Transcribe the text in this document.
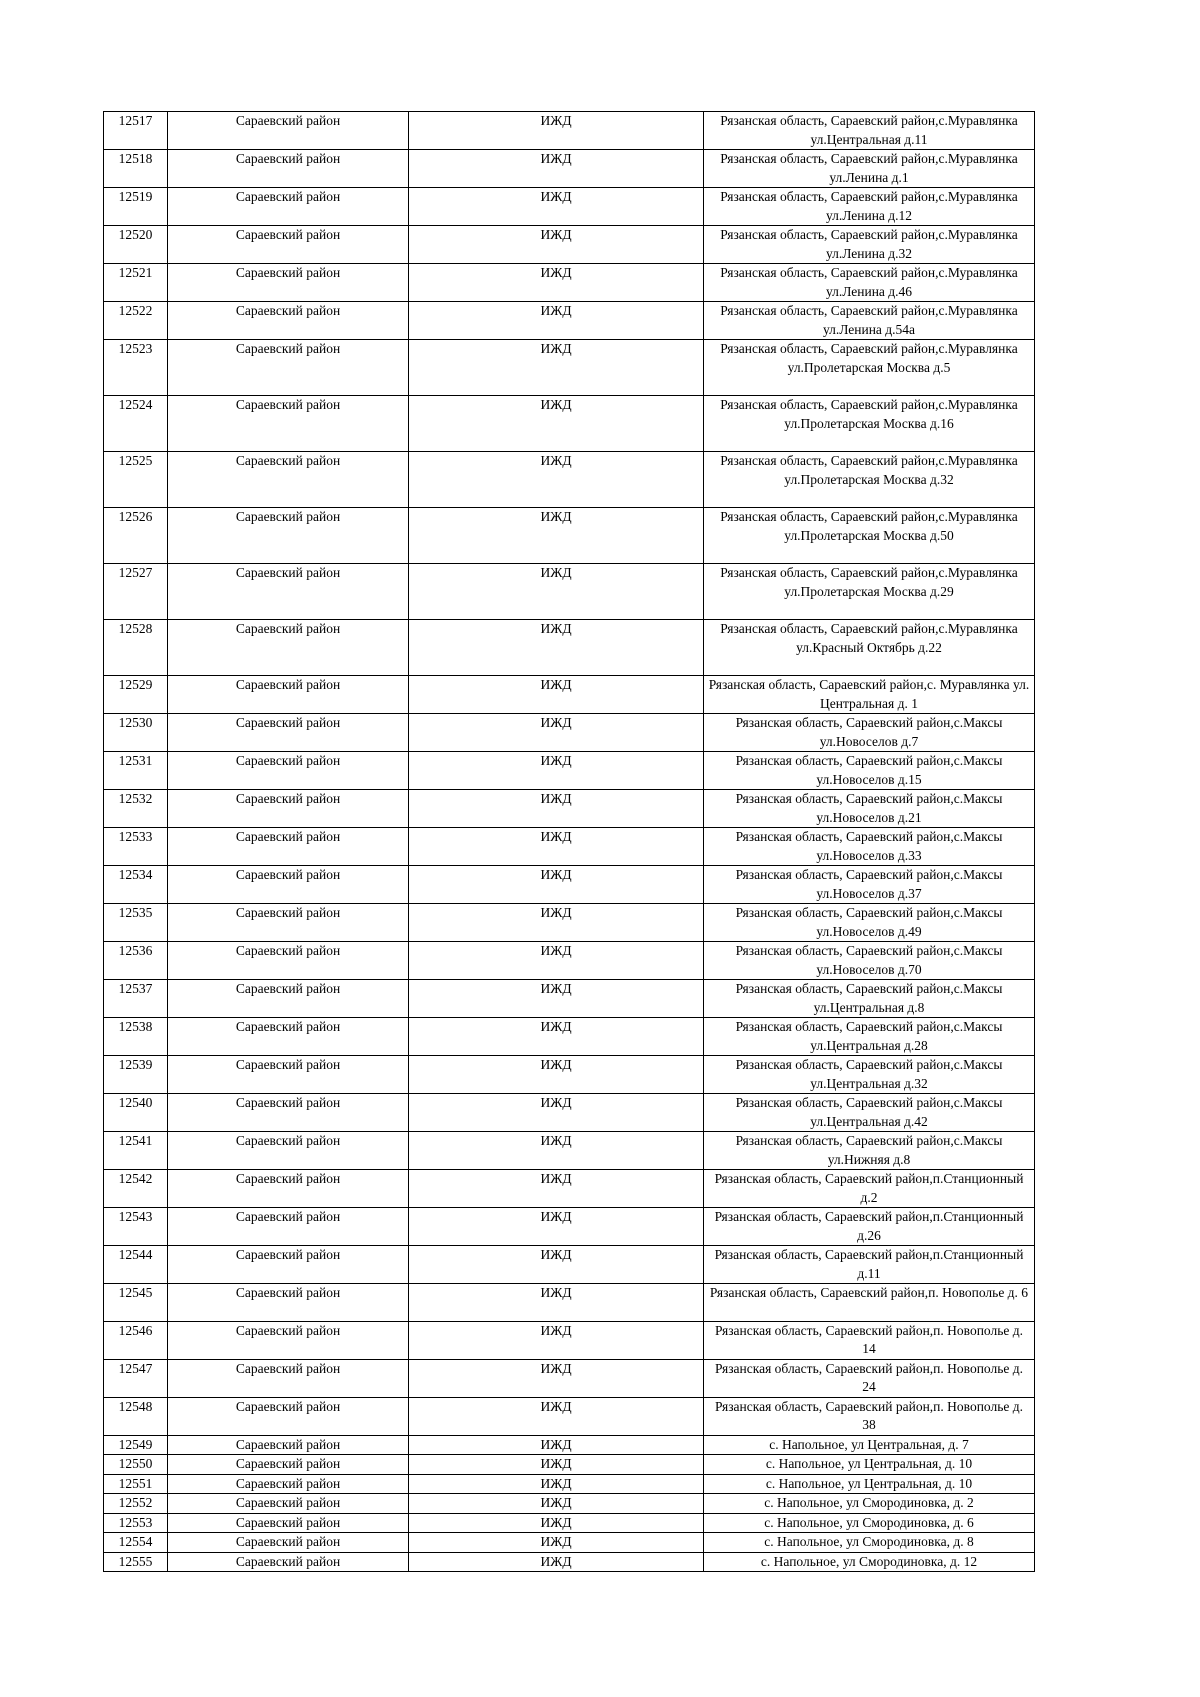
12517	Сараевский район	ИЖД	Рязанская область, Сараевский район,с.Муравлянка ул.Центральная д.11
12518	Сараевский район	ИЖД	Рязанская область, Сараевский район,с.Муравлянка ул.Ленина д.1
12519	Сараевский район	ИЖД	Рязанская область, Сараевский район,с.Муравлянка ул.Ленина д.12
12520	Сараевский район	ИЖД	Рязанская область, Сараевский район,с.Муравлянка ул.Ленина д.32
12521	Сараевский район	ИЖД	Рязанская область, Сараевский район,с.Муравлянка ул.Ленина д.46
12522	Сараевский район	ИЖД	Рязанская область, Сараевский район,с.Муравлянка ул.Ленина д.54а
12523	Сараевский район	ИЖД	Рязанская область, Сараевский район,с.Муравлянка ул.Пролетарская Москва д.5
12524	Сараевский район	ИЖД	Рязанская область, Сараевский район,с.Муравлянка ул.Пролетарская Москва д.16
12525	Сараевский район	ИЖД	Рязанская область, Сараевский район,с.Муравлянка ул.Пролетарская Москва д.32
12526	Сараевский район	ИЖД	Рязанская область, Сараевский район,с.Муравлянка ул.Пролетарская Москва д.50
12527	Сараевский район	ИЖД	Рязанская область, Сараевский район,с.Муравлянка ул.Пролетарская Москва д.29
12528	Сараевский район	ИЖД	Рязанская область, Сараевский район,с.Муравлянка ул.Красный Октябрь д.22
12529	Сараевский район	ИЖД	Рязанская область, Сараевский район,с. Муравлянка ул. Центральная д. 1
12530	Сараевский район	ИЖД	Рязанская область, Сараевский район,с.Максы ул.Новоселов д.7
12531	Сараевский район	ИЖД	Рязанская область, Сараевский район,с.Максы ул.Новоселов д.15
12532	Сараевский район	ИЖД	Рязанская область, Сараевский район,с.Максы ул.Новоселов д.21
12533	Сараевский район	ИЖД	Рязанская область, Сараевский район,с.Максы ул.Новоселов д.33
12534	Сараевский район	ИЖД	Рязанская область, Сараевский район,с.Максы ул.Новоселов д.37
12535	Сараевский район	ИЖД	Рязанская область, Сараевский район,с.Максы ул.Новоселов д.49
12536	Сараевский район	ИЖД	Рязанская область, Сараевский район,с.Максы ул.Новоселов д.70
12537	Сараевский район	ИЖД	Рязанская область, Сараевский район,с.Максы ул.Центральная д.8
12538	Сараевский район	ИЖД	Рязанская область, Сараевский район,с.Максы ул.Центральная д.28
12539	Сараевский район	ИЖД	Рязанская область, Сараевский район,с.Максы ул.Центральная д.32
12540	Сараевский район	ИЖД	Рязанская область, Сараевский район,с.Максы ул.Центральная д.42
12541	Сараевский район	ИЖД	Рязанская область, Сараевский район,с.Максы ул.Нижняя д.8
12542	Сараевский район	ИЖД	Рязанская область, Сараевский район,п.Станционный д.2
12543	Сараевский район	ИЖД	Рязанская область, Сараевский район,п.Станционный д.26
12544	Сараевский район	ИЖД	Рязанская область, Сараевский район,п.Станционный д.11
12545	Сараевский район	ИЖД	Рязанская область, Сараевский район,п. Новополье д. 6
12546	Сараевский район	ИЖД	Рязанская область, Сараевский район,п. Новополье д. 14
12547	Сараевский район	ИЖД	Рязанская область, Сараевский район,п. Новополье д. 24
12548	Сараевский район	ИЖД	Рязанская область, Сараевский район,п. Новополье д. 38
12549	Сараевский район	ИЖД	с. Напольное, ул Центральная, д. 7
12550	Сараевский район	ИЖД	с. Напольное, ул Центральная, д. 10
12551	Сараевский район	ИЖД	с. Напольное, ул Центральная, д. 10
12552	Сараевский район	ИЖД	с. Напольное, ул Смородиновка, д. 2
12553	Сараевский район	ИЖД	с. Напольное, ул Смородиновка, д. 6
12554	Сараевский район	ИЖД	с. Напольное, ул Смородиновка, д. 8
12555	Сараевский район	ИЖД	с. Напольное, ул Смородиновка, д. 12
